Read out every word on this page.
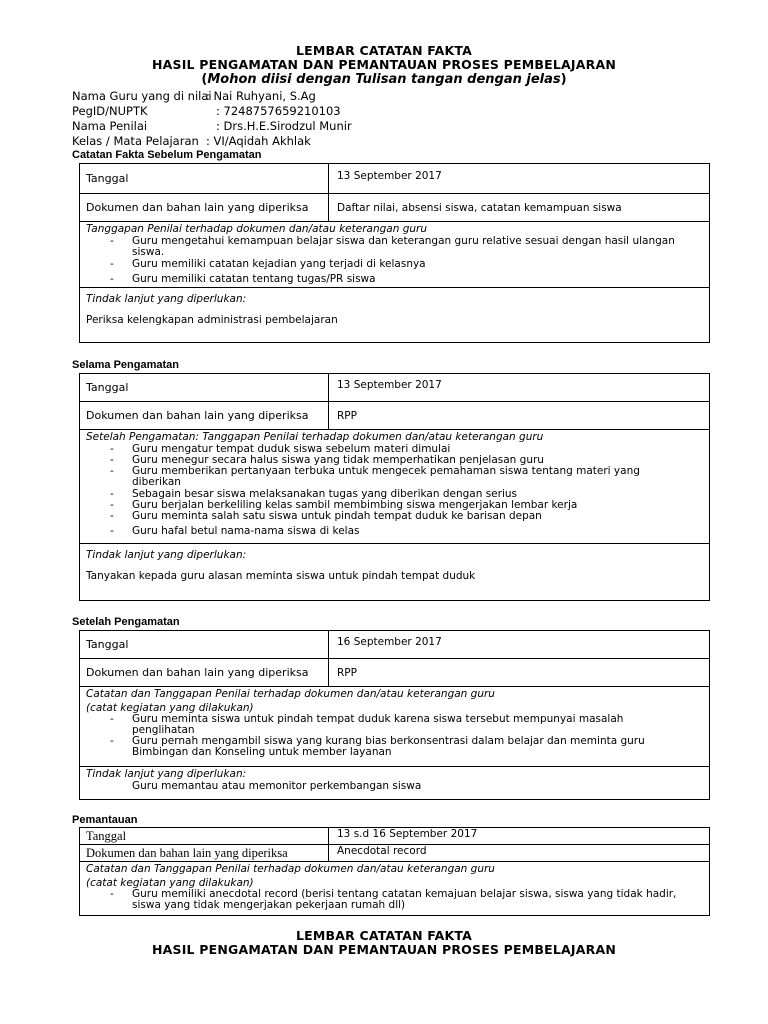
LEMBAR CATATAN FAKTA
HASIL PENGAMATAN DAN PEMANTAUAN PROSES PEMBELAJARAN
(Mohon diisi dengan Tulisan tangan dengan jelas)
Nama Guru yang di nilai
: Nai Ruhyani, S.Ag
PegID/NUPTK	: 7248757659210103
Nama Penilai	: Drs.H.E.Sirodzul Munir
Kelas / Mata Pelajaran : VI/Aqidah Akhlak
Catatan Fakta Sebelum Pengamatan
Tanggal	13 September 2017
Dokumen dan bahan lain yang diperiksa	Daftar nilai, absensi siswa, catatan kemampuan siswa
Tanggapan Penilai terhadap dokumen dan/atau keterangan guru
- Guru mengetahui kemampuan belajar siswa dan keterangan guru relative sesuai dengan hasil ulangan siswa.
- Guru memiliki catatan kejadian yang terjadi di kelasnya
- Guru memiliki catatan tentang tugas/PR siswa
Tindak lanjut yang diperlukan:
Periksa kelengkapan administrasi pembelajaran
Selama Pengamatan
Tanggal	13 September 2017
Dokumen dan bahan lain yang diperiksa	RPP
Setelah Pengamatan: Tanggapan Penilai terhadap dokumen dan/atau keterangan guru
- Guru mengatur tempat duduk siswa sebelum materi dimulai
- Guru menegur secara halus siswa yang tidak memperhatikan penjelasan guru
- Guru memberikan pertanyaan terbuka untuk mengecek pemahaman siswa tentang materi yang diberikan
- Sebagain besar siswa melaksanakan tugas yang diberikan dengan serius
- Guru berjalan berkeliling kelas sambil membimbing siswa mengerjakan lembar kerja
- Guru meminta salah satu siswa untuk pindah tempat duduk ke barisan depan
- Guru hafal betul nama-nama siswa di kelas
Tindak lanjut yang diperlukan:
Tanyakan kepada guru alasan meminta siswa untuk pindah tempat duduk
Setelah Pengamatan
Tanggal	16 September 2017
Dokumen dan bahan lain yang diperiksa	RPP
Catatan dan Tanggapan Penilai terhadap dokumen dan/atau keterangan guru
(catat kegiatan yang dilakukan)
- Guru meminta siswa untuk pindah tempat duduk karena siswa tersebut mempunyai masalah penglihatan
- Guru pernah mengambil siswa yang kurang bias berkonsentrasi dalam belajar dan meminta guru Bimbingan dan Konseling untuk member layanan
Tindak lanjut yang diperlukan:
Guru memantau atau memonitor perkembangan siswa
Pemantauan
Tanggal	13 s.d 16 September 2017
Dokumen dan bahan lain yang diperiksa	Anecdotal record
Catatan dan Tanggapan Penilai terhadap dokumen dan/atau keterangan guru
(catat kegiatan yang dilakukan)
- Guru memiliki anecdotal record (berisi tentang catatan kemajuan belajar siswa, siswa yang tidak hadir, siswa yang tidak mengerjakan pekerjaan rumah dll)
LEMBAR CATATAN FAKTA
HASIL PENGAMATAN DAN PEMANTAUAN PROSES PEMBELAJARAN
